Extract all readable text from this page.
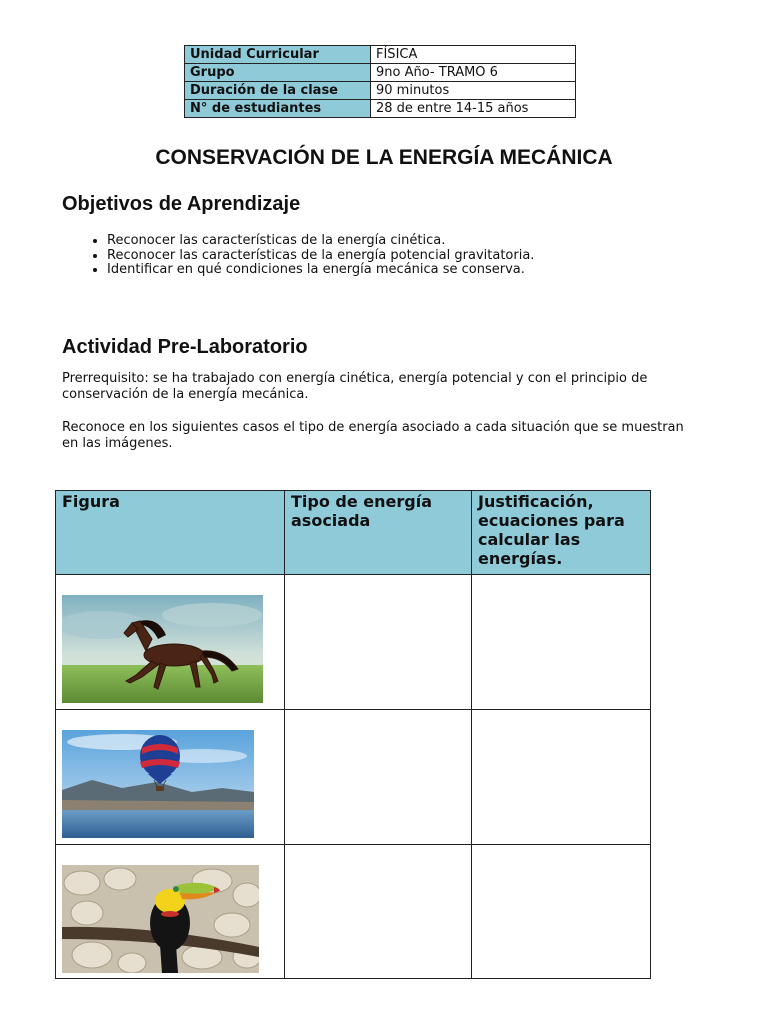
Unidad Curricular	FÍSICA
Grupo	9no Año- TRAMO 6
Duración de la clase	90 minutos
N° de estudiantes	28 de entre 14-15 años
CONSERVACIÓN DE LA ENERGÍA MECÁNICA
Objetivos de Aprendizaje
• Reconocer las características de la energía cinética.
• Reconocer las características de la energía potencial gravitatoria.
• Identificar en qué condiciones la energía mecánica se conserva.
Actividad Pre-Laboratorio

Prerrequisito: se ha trabajado con energía cinética, energía potencial y con el principio de conservación de la energía mecánica.

Reconoce en los siguientes casos el tipo de energía asociado a cada situación que se muestran en las imágenes.

Figura	Tipo de energía asociada	Justificación, ecuaciones para calcular las energías.
